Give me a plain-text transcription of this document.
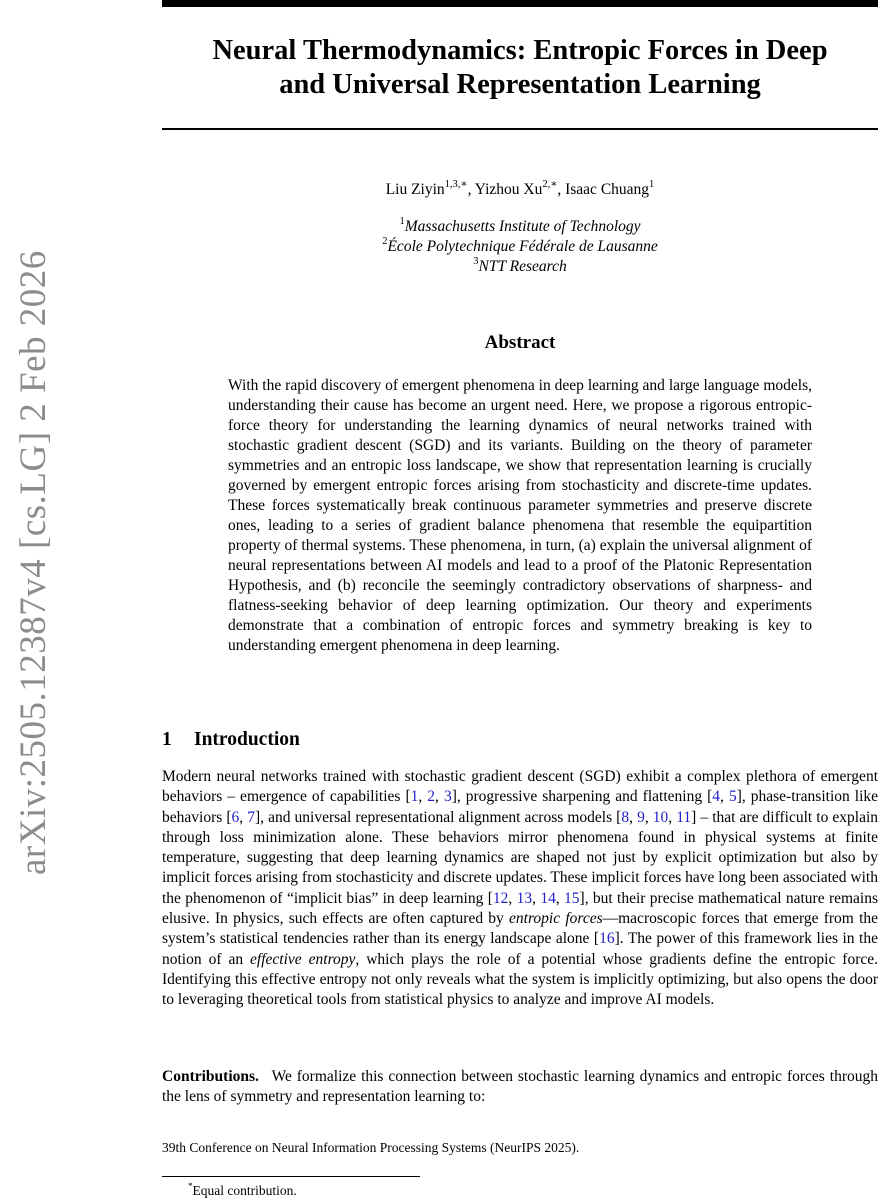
arXiv:2505.12387v4 [cs.LG] 2 Feb 2026
Neural Thermodynamics: Entropic Forces in Deep
and Universal Representation Learning
Liu Ziyin$^{1,3,∗}$, Yizhou $Xu^{2,∗}$, Isaac Chuang$^1$
$^1$Massachusetts Institute of Technology
$^2$École Polytechnique Fédérale de Lausanne
$^3$NTT Research
Abstract
With the rapid discovery of emergent phenomena in deep learning and large language models, understanding their cause has become an urgent need. Here, we propose a rigorous entropic-force theory for understanding the learning dynamics of neural networks trained with stochastic gradient descent (SGD) and its variants. Building on the theory of parameter symmetries and an entropic loss landscape, we show that representation learning is crucially governed by emergent entropic forces arising from stochasticity and discrete-time updates. These forces systematically break continuous parameter symmetries and preserve discrete ones, leading to a series of gradient balance phenomena that resemble the equipartition property of thermal systems. These phenomena, in turn, (a) explain the universal alignment of neural representations between AI models and lead to a proof of the Platonic Representation Hypothesis, and (b) reconcile the seemingly contradictory observations of sharpness- and flatness-seeking behavior of deep learning optimization. Our theory and experiments demonstrate that a combination of entropic forces and symmetry breaking is key to understanding emergent phenomena in deep learning.
1 Introduction
Modern neural networks trained with stochastic gradient descent (SGD) exhibit a complex plethora of emergent behaviors – emergence of capabilities [1, 2, 3], progressive sharpening and flattening [4, 5], phase-transition like behaviors [6, 7], and universal representational alignment across models [8, 9, 10, 11] – that are difficult to explain through loss minimization alone. These behaviors mirror phenomena found in physical systems at finite temperature, suggesting that deep learning dynamics are shaped not just by explicit optimization but also by implicit forces arising from stochasticity and discrete updates. These implicit forces have long been associated with the phenomenon of “implicit bias” in deep learning [12, 13, 14, 15], but their precise mathematical nature remains elusive. In physics, such effects are often captured by entropic forces—macroscopic forces that emerge from the system’s statistical tendencies rather than its energy landscape alone [16]. The power of this framework lies in the notion of an effective entropy, which plays the role of a potential whose gradients define the entropic force. Identifying this effective entropy not only reveals what the system is implicitly optimizing, but also opens the door to leveraging theoretical tools from statistical physics to analyze and improve AI models.
Contributions. We formalize this connection between stochastic learning dynamics and entropic forces through the lens of symmetry and representation learning to:
39th Conference on Neural Information Processing Systems (NeurIPS 2025).
*Equal contribution.
